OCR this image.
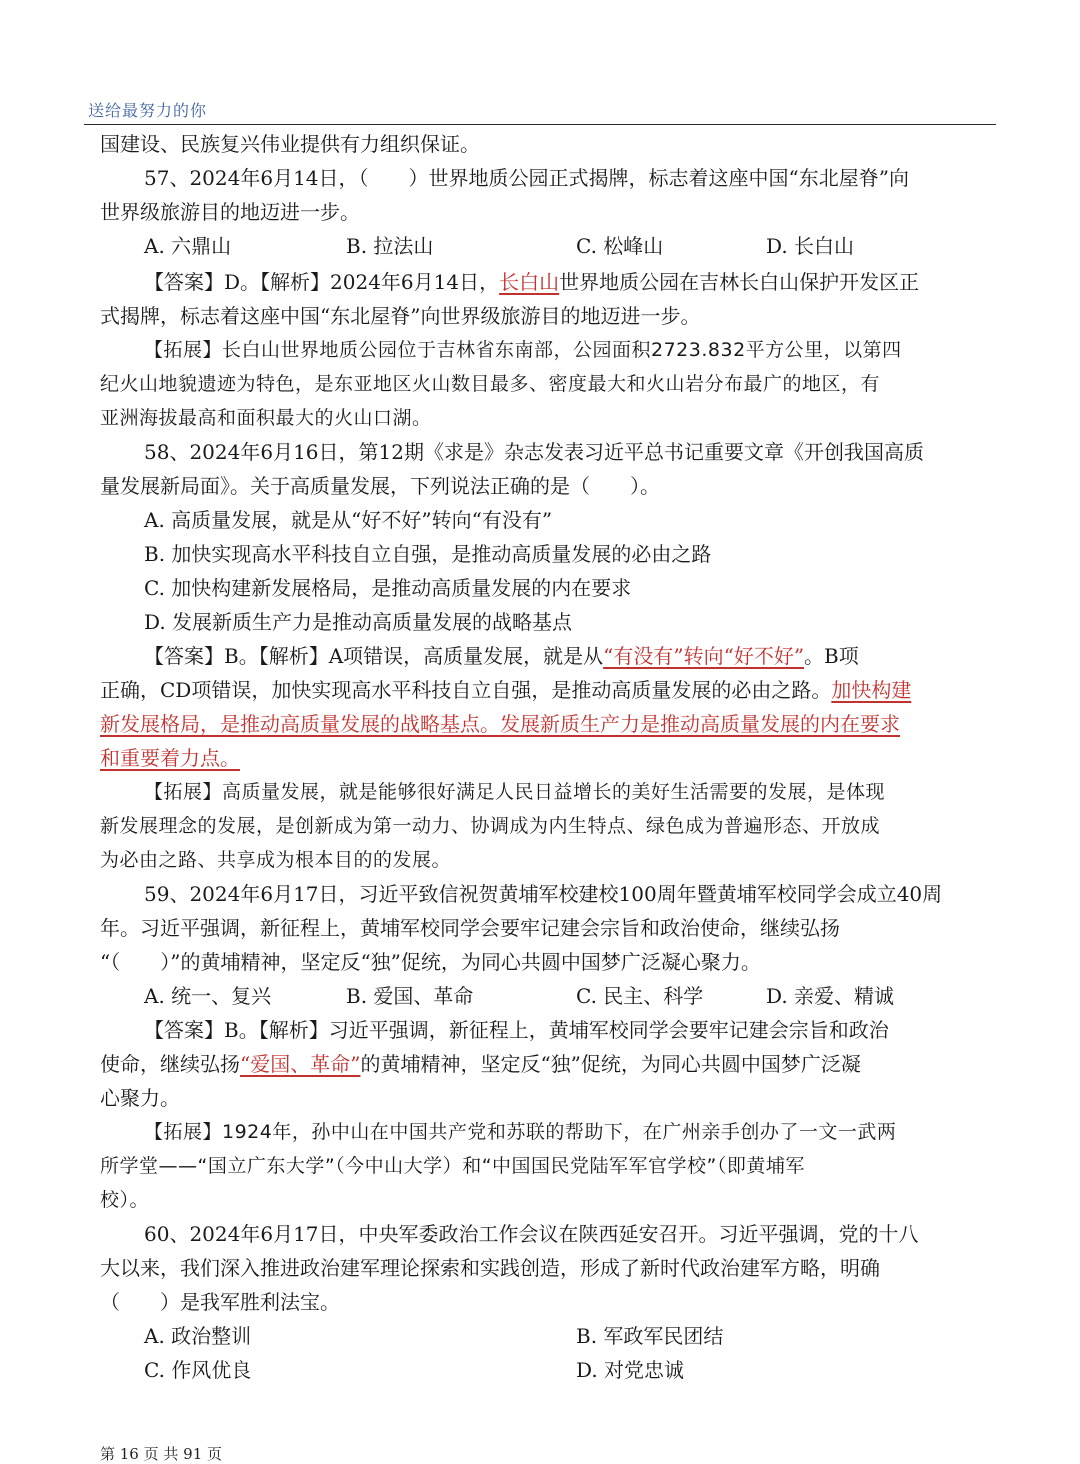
送给最努力的你
国建设、民族复兴伟业提供有力组织保证。
57、2024年6月14日，（　　）世界地质公园正式揭牌，标志着这座中国“东北屋脊”向
世界级旅游目的地迈进一步。
A. 六鼎山	B. 拉法山	C. 松峰山	D. 长白山
【答案】D。【解析】2024年6月14日，长白山世界地质公园在吉林长白山保护开发区正
式揭牌，标志着这座中国“东北屋脊”向世界级旅游目的地迈进一步。
【拓展】长白山世界地质公园位于吉林省东南部，公园面积2723.832平方公里，以第四
纪火山地貌遗迹为特色，是东亚地区火山数目最多、密度最大和火山岩分布最广的地区，有
亚洲海拔最高和面积最大的火山口湖。
58、2024年6月16日，第12期《求是》杂志发表习近平总书记重要文章《开创我国高质
量发展新局面》。关于高质量发展，下列说法正确的是（　　）。
A. 高质量发展，就是从“好不好”转向“有没有”
B. 加快实现高水平科技自立自强，是推动高质量发展的必由之路
C. 加快构建新发展格局，是推动高质量发展的内在要求
D. 发展新质生产力是推动高质量发展的战略基点
【答案】B。【解析】A项错误，高质量发展，就是从“有没有”转向“好不好”。B项
正确，CD项错误，加快实现高水平科技自立自强，是推动高质量发展的必由之路。加快构建
新发展格局，是推动高质量发展的战略基点。发展新质生产力是推动高质量发展的内在要求
和重要着力点。
【拓展】高质量发展，就是能够很好满足人民日益增长的美好生活需要的发展，是体现
新发展理念的发展，是创新成为第一动力、协调成为内生特点、绿色成为普遍形态、开放成
为必由之路、共享成为根本目的的发展。
59、2024年6月17日，习近平致信祝贺黄埔军校建校100周年暨黄埔军校同学会成立40周
年。习近平强调，新征程上，黄埔军校同学会要牢记建会宗旨和政治使命，继续弘扬
“（　　）”的黄埔精神，坚定反“独”促统，为同心共圆中国梦广泛凝心聚力。
A. 统一、复兴	B. 爱国、革命	C. 民主、科学	D. 亲爱、精诚
【答案】B。【解析】习近平强调，新征程上，黄埔军校同学会要牢记建会宗旨和政治
使命，继续弘扬“爱国、革命”的黄埔精神，坚定反“独”促统，为同心共圆中国梦广泛凝
心聚力。
【拓展】1924年，孙中山在中国共产党和苏联的帮助下，在广州亲手创办了一文一武两
所学堂——“国立广东大学”（今中山大学）和“中国国民党陆军军官学校”（即黄埔军
校）。
60、2024年6月17日，中央军委政治工作会议在陕西延安召开。习近平强调，党的十八
大以来，我们深入推进政治建军理论探索和实践创造，形成了新时代政治建军方略，明确
（　　）是我军胜利法宝。
A. 政治整训	B. 军政军民团结
C. 作风优良	D. 对党忠诚
第 16 页 共 91 页
